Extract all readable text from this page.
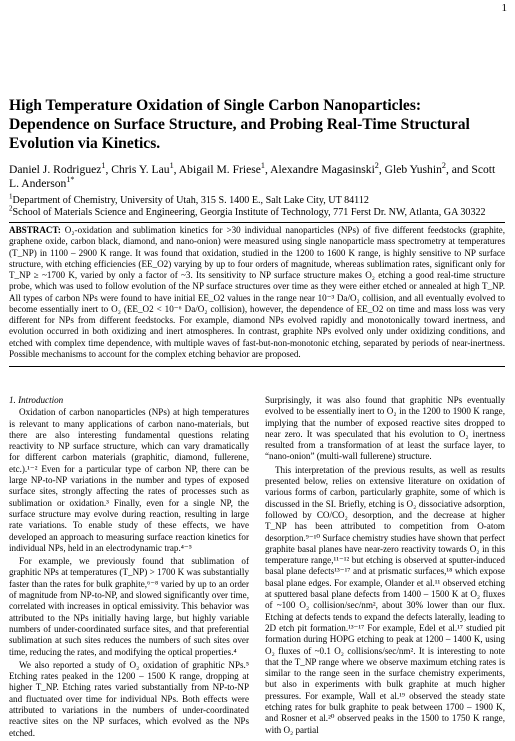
1
High Temperature Oxidation of Single Carbon Nanoparticles: Dependence on Surface Structure, and Probing Real-Time Structural Evolution via Kinetics.
Daniel J. Rodriguez$^1$, Chris Y. Lau$^1$, Abigail M. Friese$^1$, Alexandre Magasinski$^2$, Gleb Yushin$^2$, and Scott L. Anderson$^{1*}$
$^1$Department of Chemistry, University of Utah, 315 S. 1400 E., Salt Lake City, UT 84112
$^2$School of Materials Science and Engineering, Georgia Institute of Technology, 771 Ferst Dr. NW, Atlanta, GA 30322

ABSTRACT: O₂-oxidation and sublimation kinetics for >30 individual nanoparticles (NPs) of five different feedstocks (graphite, graphene oxide, carbon black, diamond, and nano-onion) were measured using single nanoparticle mass spectrometry at temperatures (T_NP) in 1100 – 2900 K range. It was found that oxidation, studied in the 1200 to 1600 K range, is highly sensitive to NP surface structure, with etching efficiencies (EE_O2) varying by up to four orders of magnitude, whereas sublimation rates, significant only for T_NP ≥ ~1700 K, varied by only a factor of ~3. Its sensitivity to NP surface structure makes O₂ etching a good real-time structure probe, which was used to follow evolution of the NP surface structures over time as they were either etched or annealed at high T_NP. All types of carbon NPs were found to have initial EE_O2 values in the range near 10⁻³ Da/O₂ collision, and all eventually evolved to become essentially inert to O₂ (EE_O2 < 10⁻⁶ Da/O₂ collision), however, the dependence of EE_O2 on time and mass loss was very different for NPs from different feedstocks. For example, diamond NPs evolved rapidly and monotonically toward inertness, and evolution occurred in both oxidizing and inert atmospheres. In contrast, graphite NPs evolved only under oxidizing conditions, and etched with complex time dependence, with multiple waves of fast-but-non-monotonic etching, separated by periods of near-inertness. Possible mechanisms to account for the complex etching behavior are proposed.

1. Introduction

Oxidation of carbon nanoparticles (NPs) at high temperatures is relevant to many applications of carbon nano-materials, but there are also interesting fundamental questions relating reactivity to NP surface structure, which can vary dramatically for different carbon materials (graphitic, diamond, fullerene, etc.).¹⁻² Even for a particular type of carbon NP, there can be large NP-to-NP variations in the number and types of exposed surface sites, strongly affecting the rates of processes such as sublimation or oxidation.³ Finally, even for a single NP, the surface structure may evolve during reaction, resulting in large rate variations. To enable study of these effects, we have developed an approach to measuring surface reaction kinetics for individual NPs, held in an electrodynamic trap.⁴⁻⁵

For example, we previously found that sublimation of graphitic NPs at temperatures (T_NP) > 1700 K was substantially faster than the rates for bulk graphite,⁶⁻⁸ varied by up to an order of magnitude from NP-to-NP, and slowed significantly over time, correlated with increases in optical emissivity. This behavior was attributed to the NPs initially having large, but highly variable numbers of under-coordinated surface sites, and that preferential sublimation at such sites reduces the numbers of such sites over time, reducing the rates, and modifying the optical properties.⁴

We also reported a study of O₂ oxidation of graphitic NPs.⁵ Etching rates peaked in the 1200 – 1500 K range, dropping at higher T_NP. Etching rates varied substantially from NP-to-NP and fluctuated over time for individual NPs. Both effects were attributed to variations in the numbers of under-coordinated reactive sites on the NP surfaces, which evolved as the NPs etched.

Surprisingly, it was also found that graphitic NPs eventually evolved to be essentially inert to O₂ in the 1200 to 1900 K range, implying that the number of exposed reactive sites dropped to near zero. It was speculated that his evolution to O₂ inertness resulted from a transformation of at least the surface layer, to “nano-onion” (multi-wall fullerene) structure.

This interpretation of the previous results, as well as results presented below, relies on extensive literature on oxidation of various forms of carbon, particularly graphite, some of which is discussed in the SI. Briefly, etching is O₂ dissociative adsorption, followed by CO/CO₂ desorption, and the decrease at higher T_NP has been attributed to competition from O-atom desorption.⁹⁻¹⁰ Surface chemistry studies have shown that perfect graphite basal planes have near-zero reactivity towards O₂ in this temperature range,¹¹⁻¹² but etching is observed at sputter-induced basal plane defects¹³⁻¹⁷ and at prismatic surfaces,¹⁸ which expose basal plane edges. For example, Olander et al.¹¹ observed etching at sputtered basal plane defects from 1400 – 1500 K at O₂ fluxes of ~100 O₂ collision/sec/nm², about 30% lower than our flux. Etching at defects tends to expand the defects laterally, leading to 2D etch pit formation.¹³⁻¹⁷ For example, Edel et al.¹⁷ studied pit formation during HOPG etching to peak at 1200 – 1400 K, using O₂ fluxes of ~0.1 O₂ collisions/sec/nm². It is interesting to note that the T_NP range where we observe maximum etching rates is similar to the range seen in the surface chemistry experiments, but also in experiments with bulk graphite at much higher pressures. For example, Wall et al.¹⁹ observed the steady state etching rates for bulk graphite to peak between 1700 – 1900 K, and Rosner et al.²⁰ observed peaks in the 1500 to 1750 K range, with O₂ partial
